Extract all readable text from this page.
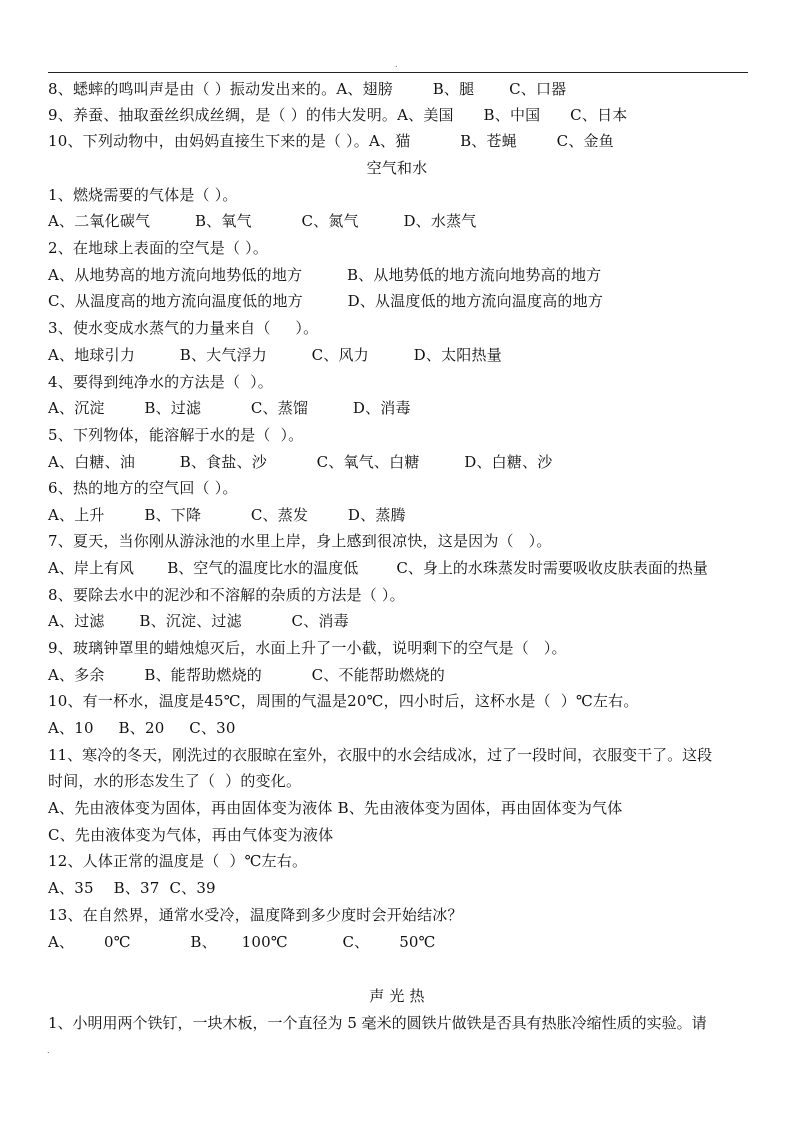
.
8、蟋蟀的鸣叫声是由（ ）振动发出来的。A、翅膀        B、腿       C、口器
9、养蚕、抽取蚕丝织成丝绸，是（ ）的伟大发明。A、美国      B、中国      C、日本
10、下列动物中，由妈妈直接生下来的是（ ）。A、猫          B、苍蝇        C、金鱼
空气和水
1、燃烧需要的气体是（ ）。
A、二氧化碳气         B、氧气          C、氮气         D、水蒸气
2、在地球上表面的空气是（ ）。
A、从地势高的地方流向地势低的地方         B、从地势低的地方流向地势高的地方
C、从温度高的地方流向温度低的地方         D、从温度低的地方流向温度高的地方
3、使水变成水蒸气的力量来自（     ）。
A、地球引力         B、大气浮力         C、风力         D、太阳热量
4、要得到纯净水的方法是（  ）。
A、沉淀        B、过滤          C、蒸馏         D、消毒
5、下列物体，能溶解于水的是（  ）。
A、白糖、油         B、食盐、沙          C、氧气、白糖         D、白糖、沙
6、热的地方的空气回（ ）。
A、上升        B、下降          C、蒸发        D、蒸腾
7、夏天，当你刚从游泳池的水里上岸，身上感到很凉快，这是因为（   ）。
A、岸上有风       B、空气的温度比水的温度低        C、身上的水珠蒸发时需要吸收皮肤表面的热量
8、要除去水中的泥沙和不溶解的杂质的方法是（ ）。
A、过滤       B、沉淀、过滤          C、消毒
9、玻璃钟罩里的蜡烛熄灭后，水面上升了一小截，说明剩下的空气是（   ）。
A、多余        B、能帮助燃烧的          C、不能帮助燃烧的
10、有一杯水，温度是45℃，周围的气温是20℃，四小时后，这杯水是（  ）℃左右。
A、10     B、20     C、30
11、寒冷的冬天，刚洗过的衣服晾在室外，衣服中的水会结成冰，过了一段时间，衣服变干了。这段
时间，水的形态发生了（  ）的变化。
A、先由液体变为固体，再由固体变为液体 B、先由液体变为固体，再由固体变为气体
C、先由液体变为气体，再由气体变为液体
12、人体正常的温度是（  ）℃左右。
A、35    B、37  C、39
13、在自然界，通常水受冷，温度降到多少度时会开始结冰？
A、      0℃            B、     100℃           C、      50℃
声 光 热
1、小明用两个铁钉，一块木板，一个直径为 5 毫米的圆铁片做铁是否具有热胀冷缩性质的实验。请
.
